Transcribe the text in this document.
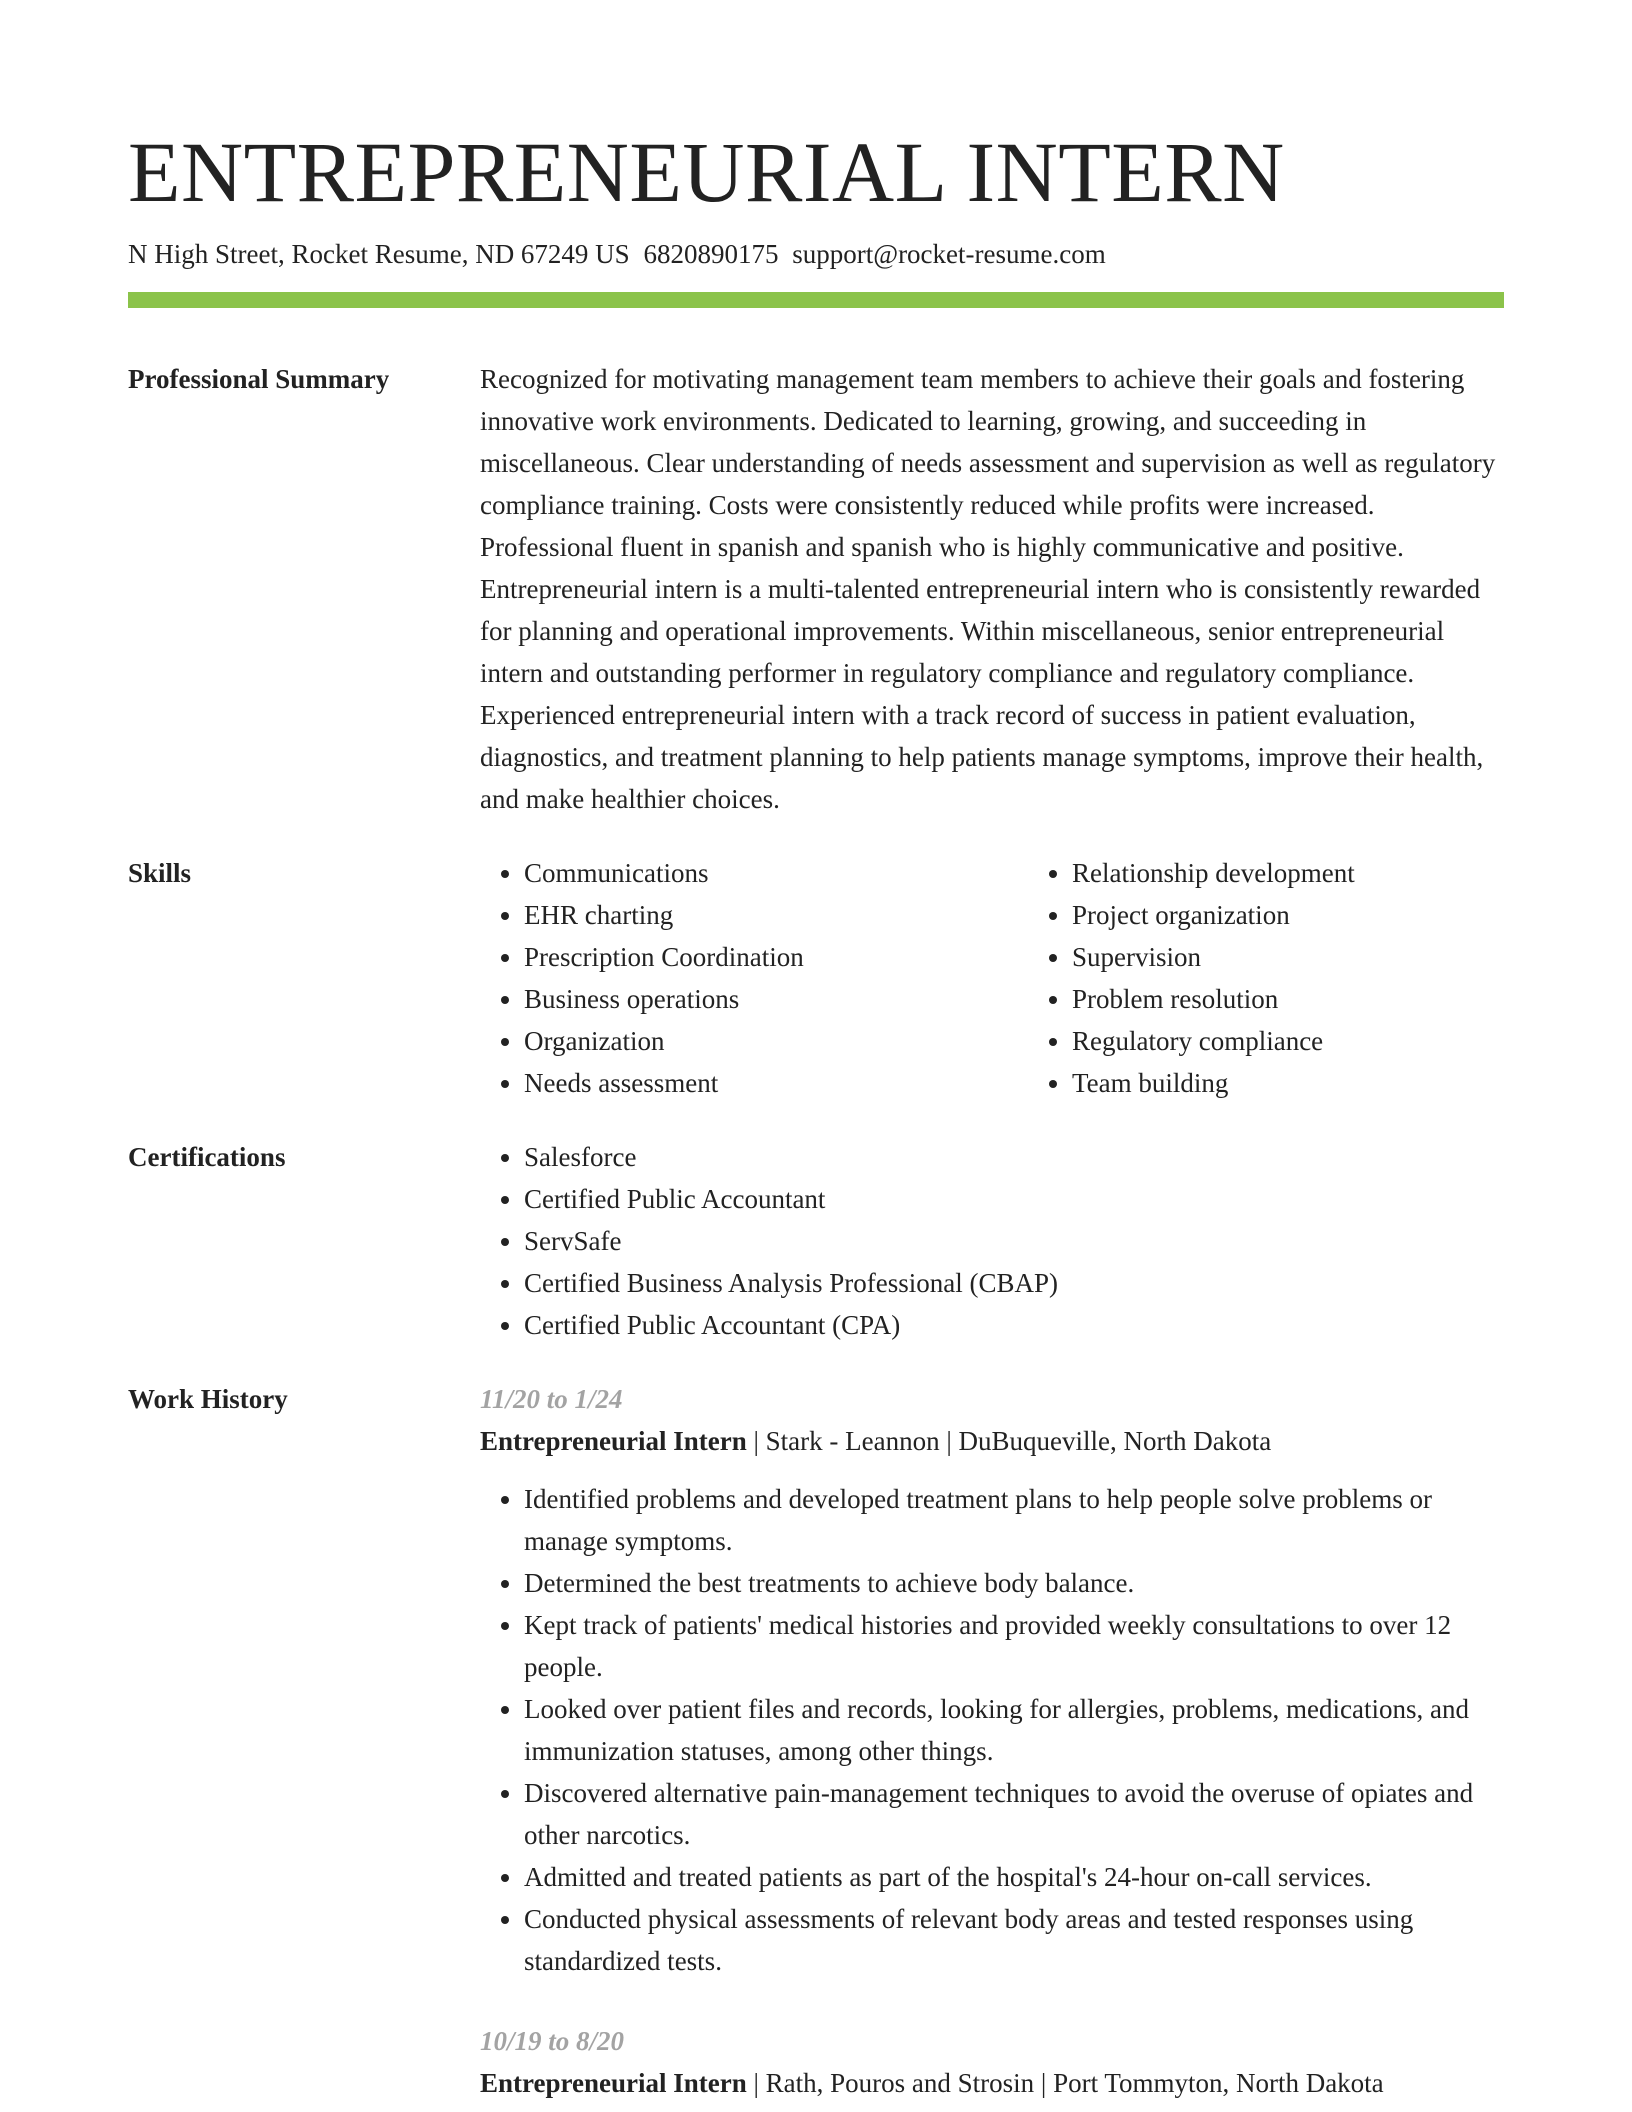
ENTREPRENEURIAL INTERN
N High Street, Rocket Resume, ND 67249 US 6820890175 support@rocket-resume.com
Professional Summary	Recognized for motivating management team members to achieve their goals and fostering innovative work environments. Dedicated to learning, growing, and succeeding in miscellaneous. Clear understanding of needs assessment and supervision as well as regulatory compliance training. Costs were consistently reduced while profits were increased. Professional fluent in spanish and spanish who is highly communicative and positive. Entrepreneurial intern is a multi-talented entrepreneurial intern who is consistently rewarded for planning and operational improvements. Within miscellaneous, senior entrepreneurial intern and outstanding performer in regulatory compliance and regulatory compliance. Experienced entrepreneurial intern with a track record of success in patient evaluation, diagnostics, and treatment planning to help patients manage symptoms, improve their health, and make healthier choices.

Skills	• Communications
• EHR charting
• Prescription Coordination
• Business operations
• Organization
• Needs assessment
• Relationship development
• Project organization
• Supervision
• Problem resolution
• Regulatory compliance
• Team building
Certifications	• Salesforce
• Certified Public Accountant
• ServSafe
• Certified Business Analysis Professional (CBAP)
• Certified Public Accountant (CPA)
Work History	11/20 to 1/24
Entrepreneurial Intern | Stark - Leannon | DuBuqueville, North Dakota
• Identified problems and developed treatment plans to help people solve problems or manage symptoms.
• Determined the best treatments to achieve body balance.
• Kept track of patients' medical histories and provided weekly consultations to over 12 people.
• Looked over patient files and records, looking for allergies, problems, medications, and immunization statuses, among other things.
• Discovered alternative pain-management techniques to avoid the overuse of opiates and other narcotics.
• Admitted and treated patients as part of the hospital's 24-hour on-call services.
• Conducted physical assessments of relevant body areas and tested responses using standardized tests.
10/19 to 8/20
Entrepreneurial Intern | Rath, Pouros and Strosin | Port Tommyton, North Dakota
